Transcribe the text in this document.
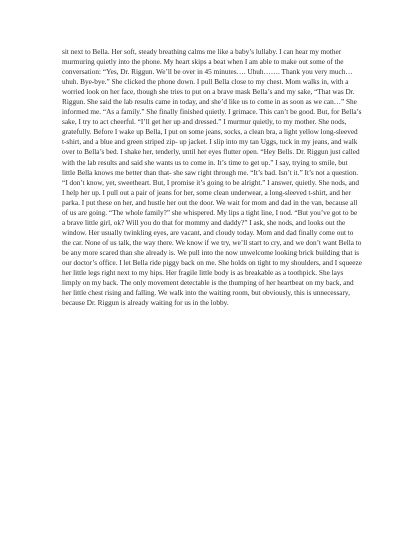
sit next to Bella. Her soft, steady breathing calms me like a baby’s lullaby. I can hear my mother murmuring quietly into the phone. My heart skips a beat when I am able to make out some of the conversation: “Yes, Dr. Riggun. We’ll be over in 45 minutes…. Uhuh……. Thank you very much… uhuh. Bye-bye.” She clicked the phone down. I pull Bella close to my chest. Mom walks in, with a worried look on her face, though she tries to put on a brave mask Bella’s and my sake, “That was Dr. Riggun. She said the lab results came in today, and she’d like us to come in as soon as we can…” She informed me. “As a family.” She finally finished quietly. I grimace. This can’t be good. But, for Bella’s sake, I try to act cheerful. “I’ll get her up and dressed.” I murmur quietly, to my mother. She nods, gratefully. Before I wake up Bella, I put on some jeans, socks, a clean bra, a light yellow long-sleeved t-shirt, and a blue and green striped zip- up jacket. I slip into my tan Uggs, tuck in my jeans, and walk over to Bella’s bed. I shake her, tenderly, until her eyes flutter open. “Hey Bells. Dr. Riggun just called with the lab results and said she wants us to come in. It’s time to get up.” I say, trying to smile, but little Bella knows me better than that- she saw right through me. “It’s bad. Isn’t it.” It’s not a question. “I don’t know, yet, sweetheart. But, I promise it’s going to be alright.” I answer, quietly. She nods, and I help her up. I pull out a pair of jeans for her, some clean underwear, a long-sleeved t-shirt, and her parka. I put these on her, and hustle her out the door. We wait for mom and dad in the van, because all of us are going. “The whole family?” she whispered. My lips a tight line, I nod. “But you’ve got to be a brave little girl, ok? Will you do that for mommy and daddy?” I ask, she nods, and looks out the window. Her usually twinkling eyes, are vacant, and cloudy today. Mom and dad finally come out to the car. None of us talk, the way there. We know if we try, we’ll start to cry, and we don’t want Bella to be any more scared than she already is. We pull into the now unwelcome looking brick building that is our doctor’s office. I let Bella ride piggy back on me. She holds on tight to my shoulders, and I squeeze her little legs right next to my hips. Her fragile little body is as breakable as a toothpick. She lays limply on my back. The only movement detectable is the thumping of her heartbeat on my back, and her little chest rising and falling. We walk into the waiting room, but obviously, this is unnecessary, because Dr. Riggun is already waiting for us in the lobby.
